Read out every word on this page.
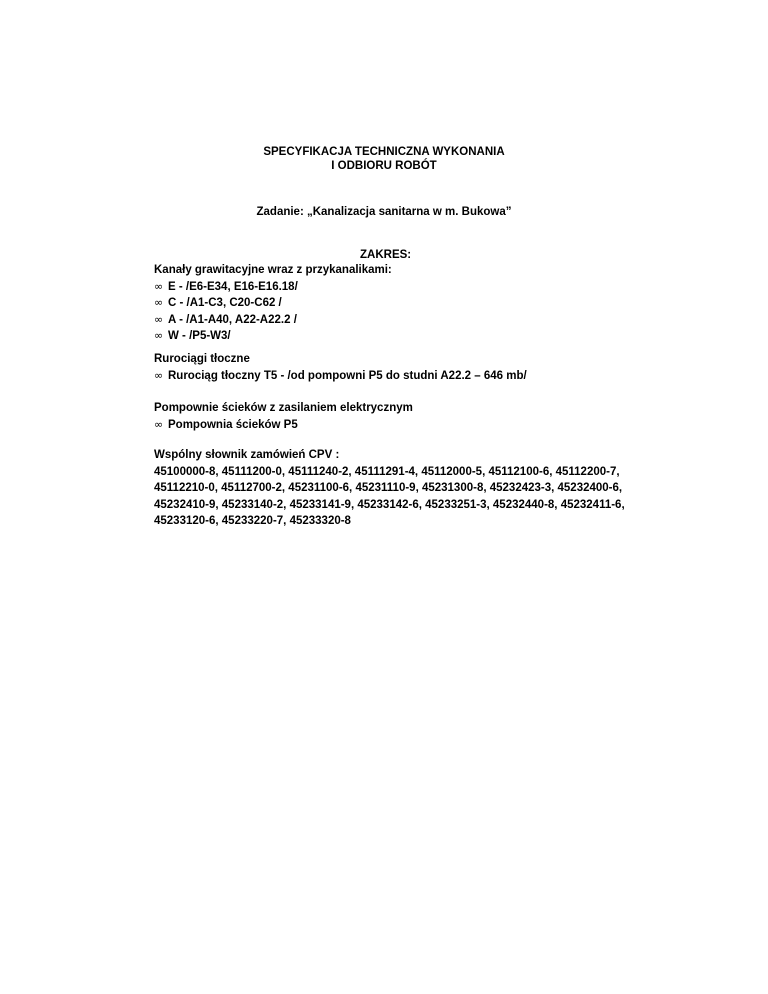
SPECYFIKACJA TECHNICZNA WYKONANIA
I ODBIORU ROBÓT
Zadanie: „Kanalizacja sanitarna w m. Bukowa”
ZAKRES:
Kanały grawitacyjne wraz z przykanalikami:
∞ E - /E6-E34, E16-E16.18/
∞ C - /A1-C3, C20-C62 /
∞ A - /A1-A40, A22-A22.2 /
∞ W - /P5-W3/
Rurociągi tłoczne
∞ Rurociąg tłoczny T5 - /od pompowni P5 do studni A22.2 – 646 mb/
Pompownie ścieków z zasilaniem elektrycznym
∞ Pompownia ścieków P5
Wspólny słownik zamówień CPV :
45100000-8, 45111200-0, 45111240-2, 45111291-4, 45112000-5, 45112100-6, 45112200-7, 45112210-0, 45112700-2, 45231100-6, 45231110-9, 45231300-8, 45232423-3, 45232400-6, 45232410-9, 45233140-2, 45233141-9, 45233142-6, 45233251-3, 45232440-8, 45232411-6, 45233120-6, 45233220-7, 45233320-8
